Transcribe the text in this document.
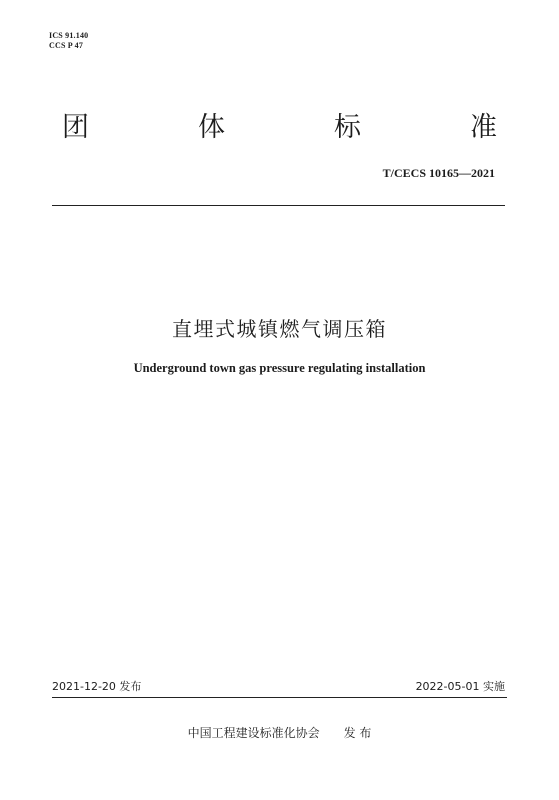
ICS 91.140
CCS P 47
团	体	标	准
T/CECS 10165—2021
直埋式城镇燃气调压箱
Underground town gas pressure regulating installation
2021-12-20 发布	2022-05-01 实施
中国工程建设标准化协会 发 布
